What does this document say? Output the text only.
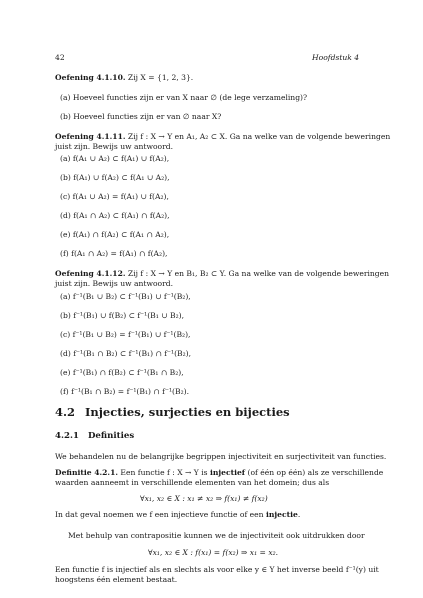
42	Hoofdstuk 4
Oefening 4.1.10. Zij X = {1, 2, 3}.
(a) Hoeveel functies zijn er van X naar ∅ (de lege verzameling)?
(b) Hoeveel functies zijn er van ∅ naar X?
Oefening 4.1.11. Zij f : X → Y en A₁, A₂ ⊂ X. Ga na welke van de volgende beweringen
juist zijn. Bewijs uw antwoord.
(a) f(A₁ ∪ A₂) ⊂ f(A₁) ∪ f(A₂),
(b) f(A₁) ∪ f(A₂) ⊂ f(A₁ ∪ A₂),
(c) f(A₁ ∪ A₂) = f(A₁) ∪ f(A₂),
(d) f(A₁ ∩ A₂) ⊂ f(A₁) ∩ f(A₂),
(e) f(A₁) ∩ f(A₂) ⊂ f(A₁ ∩ A₂),
(f) f(A₁ ∩ A₂) = f(A₁) ∩ f(A₂),
Oefening 4.1.12. Zij f : X → Y en B₁, B₂ ⊂ Y. Ga na welke van de volgende beweringen
juist zijn. Bewijs uw antwoord.
(a) f⁻¹(B₁ ∪ B₂) ⊂ f⁻¹(B₁) ∪ f⁻¹(B₂),
(b) f⁻¹(B₁) ∪ f(B₂) ⊂ f⁻¹(B₁ ∪ B₂),
(c) f⁻¹(B₁ ∪ B₂) = f⁻¹(B₁) ∪ f⁻¹(B₂),
(d) f⁻¹(B₁ ∩ B₂) ⊂ f⁻¹(B₁) ∩ f⁻¹(B₂),
(e) f⁻¹(B₁) ∩ f(B₂) ⊂ f⁻¹(B₁ ∩ B₂),
(f) f⁻¹(B₁ ∩ B₂) = f⁻¹(B₁) ∩ f⁻¹(B₂).
4.2 Injecties, surjecties en bijecties
4.2.1 Definities
We behandelen nu de belangrijke begrippen injectiviteit en surjectiviteit van functies.
Definitie 4.2.1. Een functie f : X → Y is injectief (of één op één) als ze verschillende
waarden aanneemt in verschillende elementen van het domein; dus als
∀x₁, x₂ ∈ X : x₁ ≠ x₂ ⇒ f(x₁) ≠ f(x₂)
In dat geval noemen we f een injectieve functie of een injectie.
Met behulp van contrapositie kunnen we de injectiviteit ook uitdrukken door
∀x₁, x₂ ∈ X : f(x₁) = f(x₂) ⇒ x₁ = x₂.
Een functie f is injectief als en slechts als voor elke y ∈ Y het inverse beeld f⁻¹(y) uit
hoogstens één element bestaat.
